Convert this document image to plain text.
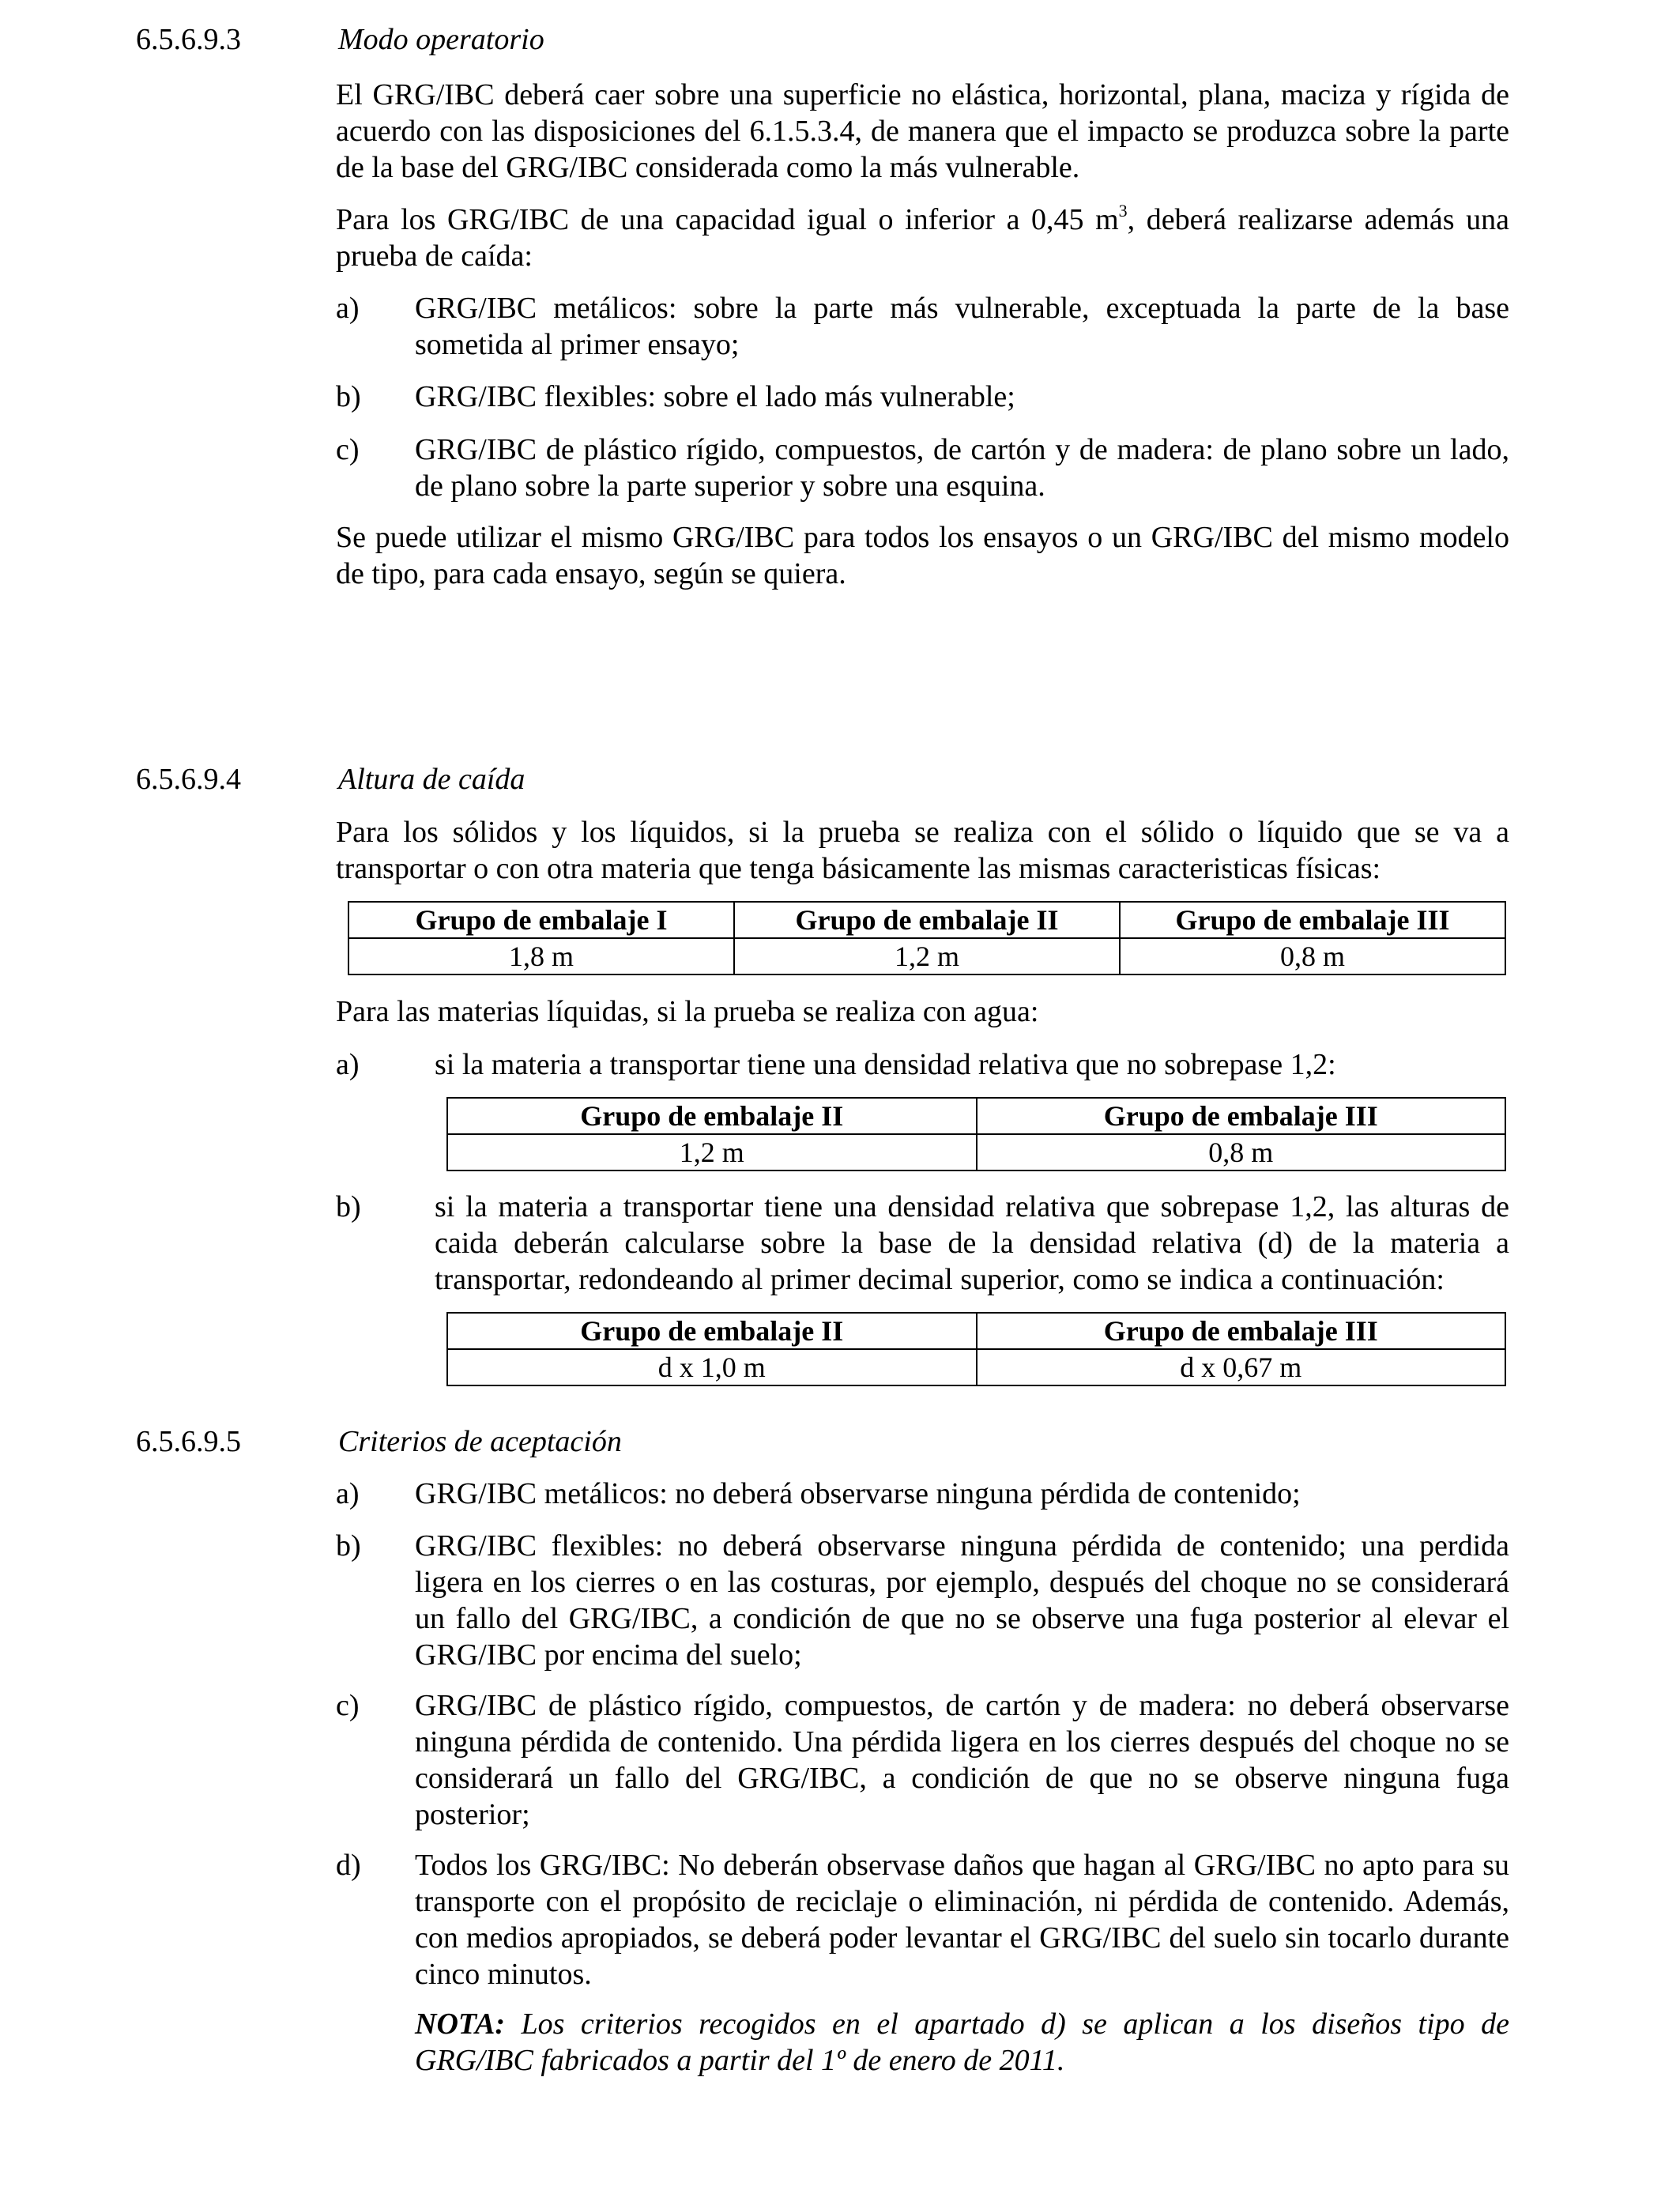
6.5.6.9.3	Modo operatorio

El GRG/IBC deberá caer sobre una superficie no elástica, horizontal, plana, maciza y rígida de acuerdo con las disposiciones del 6.1.5.3.4, de manera que el impacto se produzca sobre la parte de la base del GRG/IBC considerada como la más vulnerable.

Para los GRG/IBC de una capacidad igual o inferior a 0,45 $m^3$, deberá realizarse además una prueba de caída:

a) GRG/IBC metálicos: sobre la parte más vulnerable, exceptuada la parte de la base sometida al primer ensayo;
b) GRG/IBC flexibles: sobre el lado más vulnerable;
c) GRG/IBC de plástico rígido, compuestos, de cartón y de madera: de plano sobre un lado, de plano sobre la parte superior y sobre una esquina.

Se puede utilizar el mismo GRG/IBC para todos los ensayos o un GRG/IBC del mismo modelo de tipo, para cada ensayo, según se quiera.

6.5.6.9.4	Altura de caída

Para los sólidos y los líquidos, si la prueba se realiza con el sólido o líquido que se va a transportar o con otra materia que tenga básicamente las mismas caracteristicas físicas:

Grupo de embalaje I	Grupo de embalaje II	Grupo de embalaje III
1,8 m	1,2 m	0,8 m

Para las materias líquidas, si la prueba se realiza con agua:

a)	si la materia a transportar tiene una densidad relativa que no sobrepase 1,2:
Grupo de embalaje II	Grupo de embalaje III
1,2 m	0,8 m
b) si la materia a transportar tiene una densidad relativa que sobrepase 1,2, las alturas de caida deberán calcularse sobre la base de la densidad relativa (d) de la materia a transportar, redondeando al primer decimal superior, como se indica a continuación:
Grupo de embalaje II	Grupo de embalaje III
d x 1,0 m	d x 0,67 m
6.5.6.9.5	Criterios de aceptación
a) GRG/IBC metálicos: no deberá observarse ninguna pérdida de contenido;
b) GRG/IBC flexibles: no deberá observarse ninguna pérdida de contenido; una perdida ligera en los cierres o en las costuras, por ejemplo, después del choque no se considerará un fallo del GRG/IBC, a condición de que no se observe una fuga posterior al elevar el GRG/IBC por encima del suelo;
c) GRG/IBC de plástico rígido, compuestos, de cartón y de madera: no deberá observarse ninguna pérdida de contenido. Una pérdida ligera en los cierres después del choque no se considerará un fallo del GRG/IBC, a condición de que no se observe ninguna fuga posterior;
d) Todos los GRG/IBC: No deberán observase daños que hagan al GRG/IBC no apto para su transporte con el propósito de reciclaje o eliminación, ni pérdida de contenido. Además, con medios apropiados, se deberá poder levantar el GRG/IBC del suelo sin tocarlo durante cinco minutos.
NOTA: Los criterios recogidos en el apartado d) se aplican a los diseños tipo de GRG/IBC fabricados a partir del 1º de enero de 2011.
